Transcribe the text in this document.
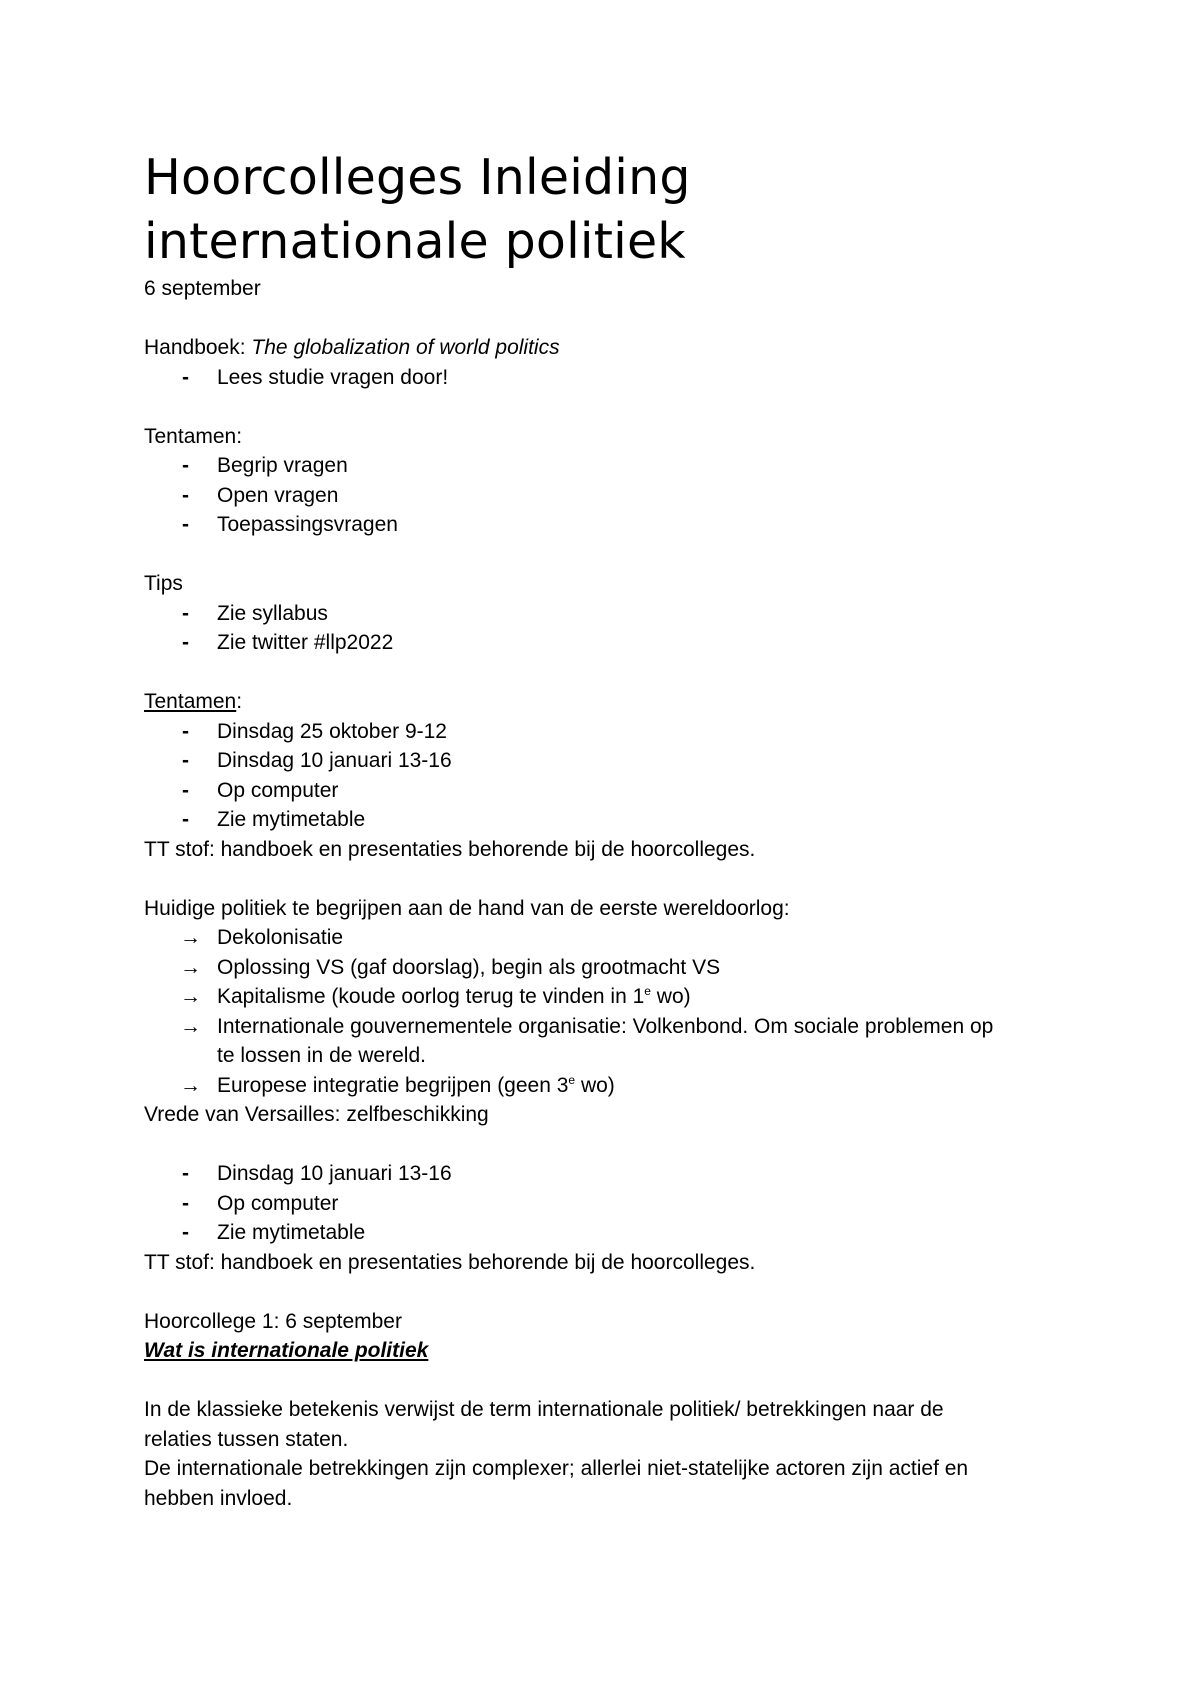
Hoorcolleges Inleiding
internationale politiek

6 september

Handboek: The globalization of world politics

- Lees studie vragen door!

Tentamen:

- Begrip vragen
- Open vragen
- Toepassingsvragen

Tips

- Zie syllabus
- Zie twitter #llp2022

Tentamen:

- Dinsdag 25 oktober 9-12
- Dinsdag 10 januari 13-16
- Op computer
- Zie mytimetable

TT stof: handboek en presentaties behorende bij de hoorcolleges.

Huidige politiek te begrijpen aan de hand van de eerste wereldoorlog:

→ Dekolonisatie
→ Oplossing VS (gaf doorslag), begin als grootmacht VS
→ Kapitalisme (koude oorlog terug te vinden in 1e wo)
→ Internationale gouvernementele organisatie: Volkenbond. Om sociale problemen op
te lossen in de wereld.
→ Europese integratie begrijpen (geen 3e wo)

Vrede van Versailles: zelfbeschikking

- Dinsdag 10 januari 13-16
- Op computer
- Zie mytimetable

TT stof: handboek en presentaties behorende bij de hoorcolleges.

Hoorcollege 1: 6 september

Wat is internationale politiek

In de klassieke betekenis verwijst de term internationale politiek/ betrekkingen naar de
relaties tussen staten.
De internationale betrekkingen zijn complexer; allerlei niet-statelijke actoren zijn actief en
hebben invloed.
